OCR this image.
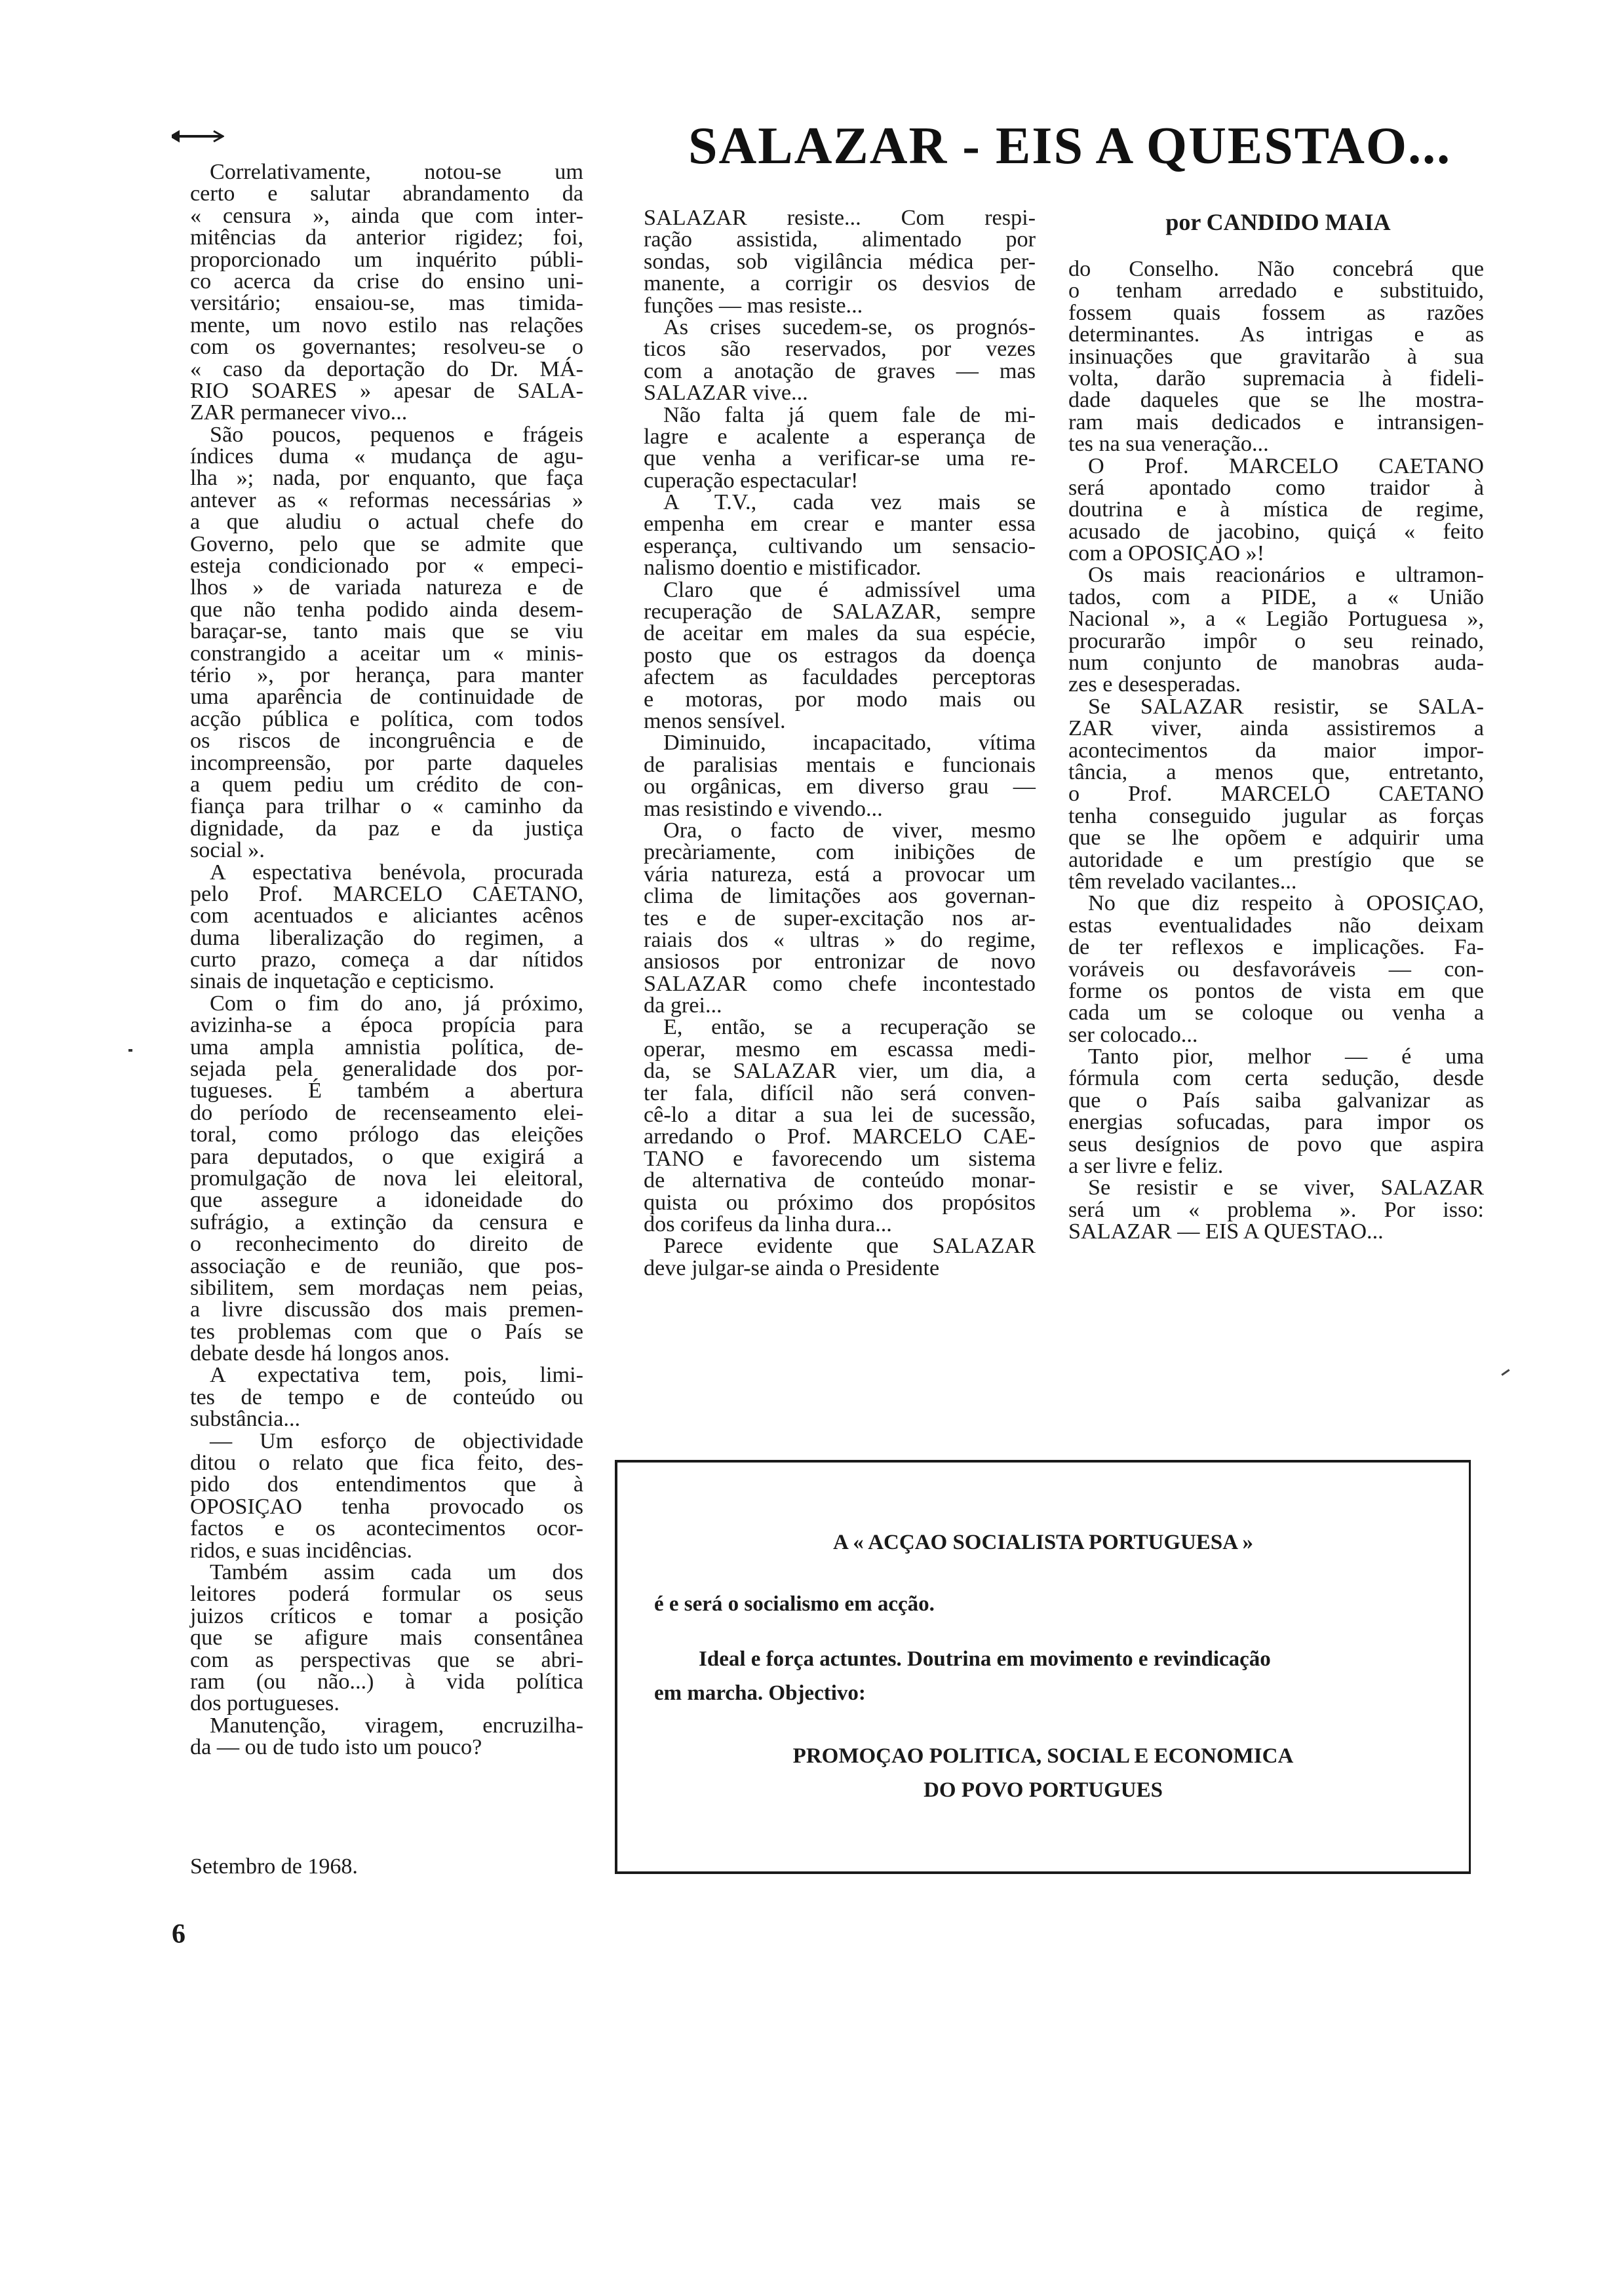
SALAZAR - EIS A QUESTAO...
por CANDIDO MAIA
Correlativamente, notou-se um
certo e salutar abrandamento da
« censura », ainda que com inter-
mitências da anterior rigidez; foi,
proporcionado um inquérito públi-
co acerca da crise do ensino uni-
versitário; ensaiou-se, mas timida-
mente, um novo estilo nas relações
com os governantes; resolveu-se o
« caso da deportação do Dr. MÁ-
RIO SOARES » apesar de SALA-
ZAR permanecer vivo...
São poucos, pequenos e frágeis
índices duma « mudança de agu-
lha »; nada, por enquanto, que faça
antever as « reformas necessárias »
a que aludiu o actual chefe do
Governo, pelo que se admite que
esteja condicionado por « empeci-
lhos » de variada natureza e de
que não tenha podido ainda desem-
baraçar-se, tanto mais que se viu
constrangido a aceitar um « minis-
tério », por herança, para manter
uma aparência de continuidade de
acção pública e política, com todos
os riscos de incongruência e de
incompreensão, por parte daqueles
a quem pediu um crédito de con-
fiança para trilhar o « caminho da
dignidade, da paz e da justiça
social ».
A espectativa benévola, procurada
pelo Prof. MARCELO CAETANO,
com acentuados e aliciantes acênos
duma liberalização do regimen, a
curto prazo, começa a dar nítidos
sinais de inquetação e cepticismo.
Com o fim do ano, já próximo,
avizinha-se a época propícia para
uma ampla amnistia política, de-
sejada pela generalidade dos por-
tugueses. É também a abertura
do período de recenseamento elei-
toral, como prólogo das eleições
para deputados, o que exigirá a
promulgação de nova lei eleitoral,
que assegure a idoneidade do
sufrágio, a extinção da censura e
o reconhecimento do direito de
associação e de reunião, que pos-
sibilitem, sem mordaças nem peias,
a livre discussão dos mais premen-
tes problemas com que o País se
debate desde há longos anos.
A expectativa tem, pois, limi-
tes de tempo e de conteúdo ou
substância...
— Um esforço de objectividade
ditou o relato que fica feito, des-
pido dos entendimentos que à
OPOSIÇAO tenha provocado os
factos e os acontecimentos ocor-
ridos, e suas incidências.
Também assim cada um dos
leitores poderá formular os seus
juizos críticos e tomar a posição
que se afigure mais consentânea
com as perspectivas que se abri-
ram (ou não...) à vida política
dos portugueses.
Manutenção, viragem, encruzilha-
da — ou de tudo isto um pouco?
SALAZAR resiste... Com respi-
ração assistida, alimentado por
sondas, sob vigilância médica per-
manente, a corrigir os desvios de
funções — mas resiste...
As crises sucedem-se, os prognós-
ticos são reservados, por vezes
com a anotação de graves — mas
SALAZAR vive...
Não falta já quem fale de mi-
lagre e acalente a esperança de
que venha a verificar-se uma re-
cuperação espectacular!
A T.V., cada vez mais se
empenha em crear e manter essa
esperança, cultivando um sensacio-
nalismo doentio e mistificador.
Claro que é admissível uma
recuperação de SALAZAR, sempre
de aceitar em males da sua espécie,
posto que os estragos da doença
afectem as faculdades perceptoras
e motoras, por modo mais ou
menos sensível.
Diminuido, incapacitado, vítima
de paralisias mentais e funcionais
ou orgânicas, em diverso grau —
mas resistindo e vivendo...
Ora, o facto de viver, mesmo
precàriamente, com inibições de
vária natureza, está a provocar um
clima de limitações aos governan-
tes e de super-excitação nos ar-
raiais dos « ultras » do regime,
ansiosos por entronizar de novo
SALAZAR como chefe incontestado
da grei...
E, então, se a recuperação se
operar, mesmo em escassa medi-
da, se SALAZAR vier, um dia, a
ter fala, difícil não será conven-
cê-lo a ditar a sua lei de sucessão,
arredando o Prof. MARCELO CAE-
TANO e favorecendo um sistema
de alternativa de conteúdo monar-
quista ou próximo dos propósitos
dos corifeus da linha dura...
Parece evidente que SALAZAR
deve julgar-se ainda o Presidente
do Conselho. Não concebrá que
o tenham arredado e substituido,
fossem quais fossem as razões
determinantes. As intrigas e as
insinuações que gravitarão à sua
volta, darão supremacia à fideli-
dade daqueles que se lhe mostra-
ram mais dedicados e intransigen-
tes na sua veneração...
O Prof. MARCELO CAETANO
será apontado como traidor à
doutrina e à mística de regime,
acusado de jacobino, quiçá « feito
com a OPOSIÇAO »!
Os mais reacionários e ultramon-
tados, com a PIDE, a « União
Nacional », a « Legião Portuguesa »,
procurarão impôr o seu reinado,
num conjunto de manobras auda-
zes e desesperadas.
Se SALAZAR resistir, se SALA-
ZAR viver, ainda assistiremos a
acontecimentos da maior impor-
tância, a menos que, entretanto,
o Prof. MARCELO CAETANO
tenha conseguido jugular as forças
que se lhe opõem e adquirir uma
autoridade e um prestígio que se
têm revelado vacilantes...
No que diz respeito à OPOSIÇAO,
estas eventualidades não deixam
de ter reflexos e implicações. Fa-
voráveis ou desfavoráveis — con-
forme os pontos de vista em que
cada um se coloque ou venha a
ser colocado...
Tanto pior, melhor — é uma
fórmula com certa sedução, desde
que o País saiba galvanizar as
energias sofucadas, para impor os
seus desígnios de povo que aspira
a ser livre e feliz.
Se resistir e se viver, SALAZAR
será um « problema ». Por isso:
SALAZAR — EIS A QUESTAO...
Setembro de 1968.
6
A « ACÇAO SOCIALISTA PORTUGUESA »
é e será o socialismo em acção.
Ideal e força actuntes. Doutrina em movimento e revindicação
em marcha. Objectivo:
PROMOÇAO POLITICA, SOCIAL E ECONOMICA
DO POVO PORTUGUES
